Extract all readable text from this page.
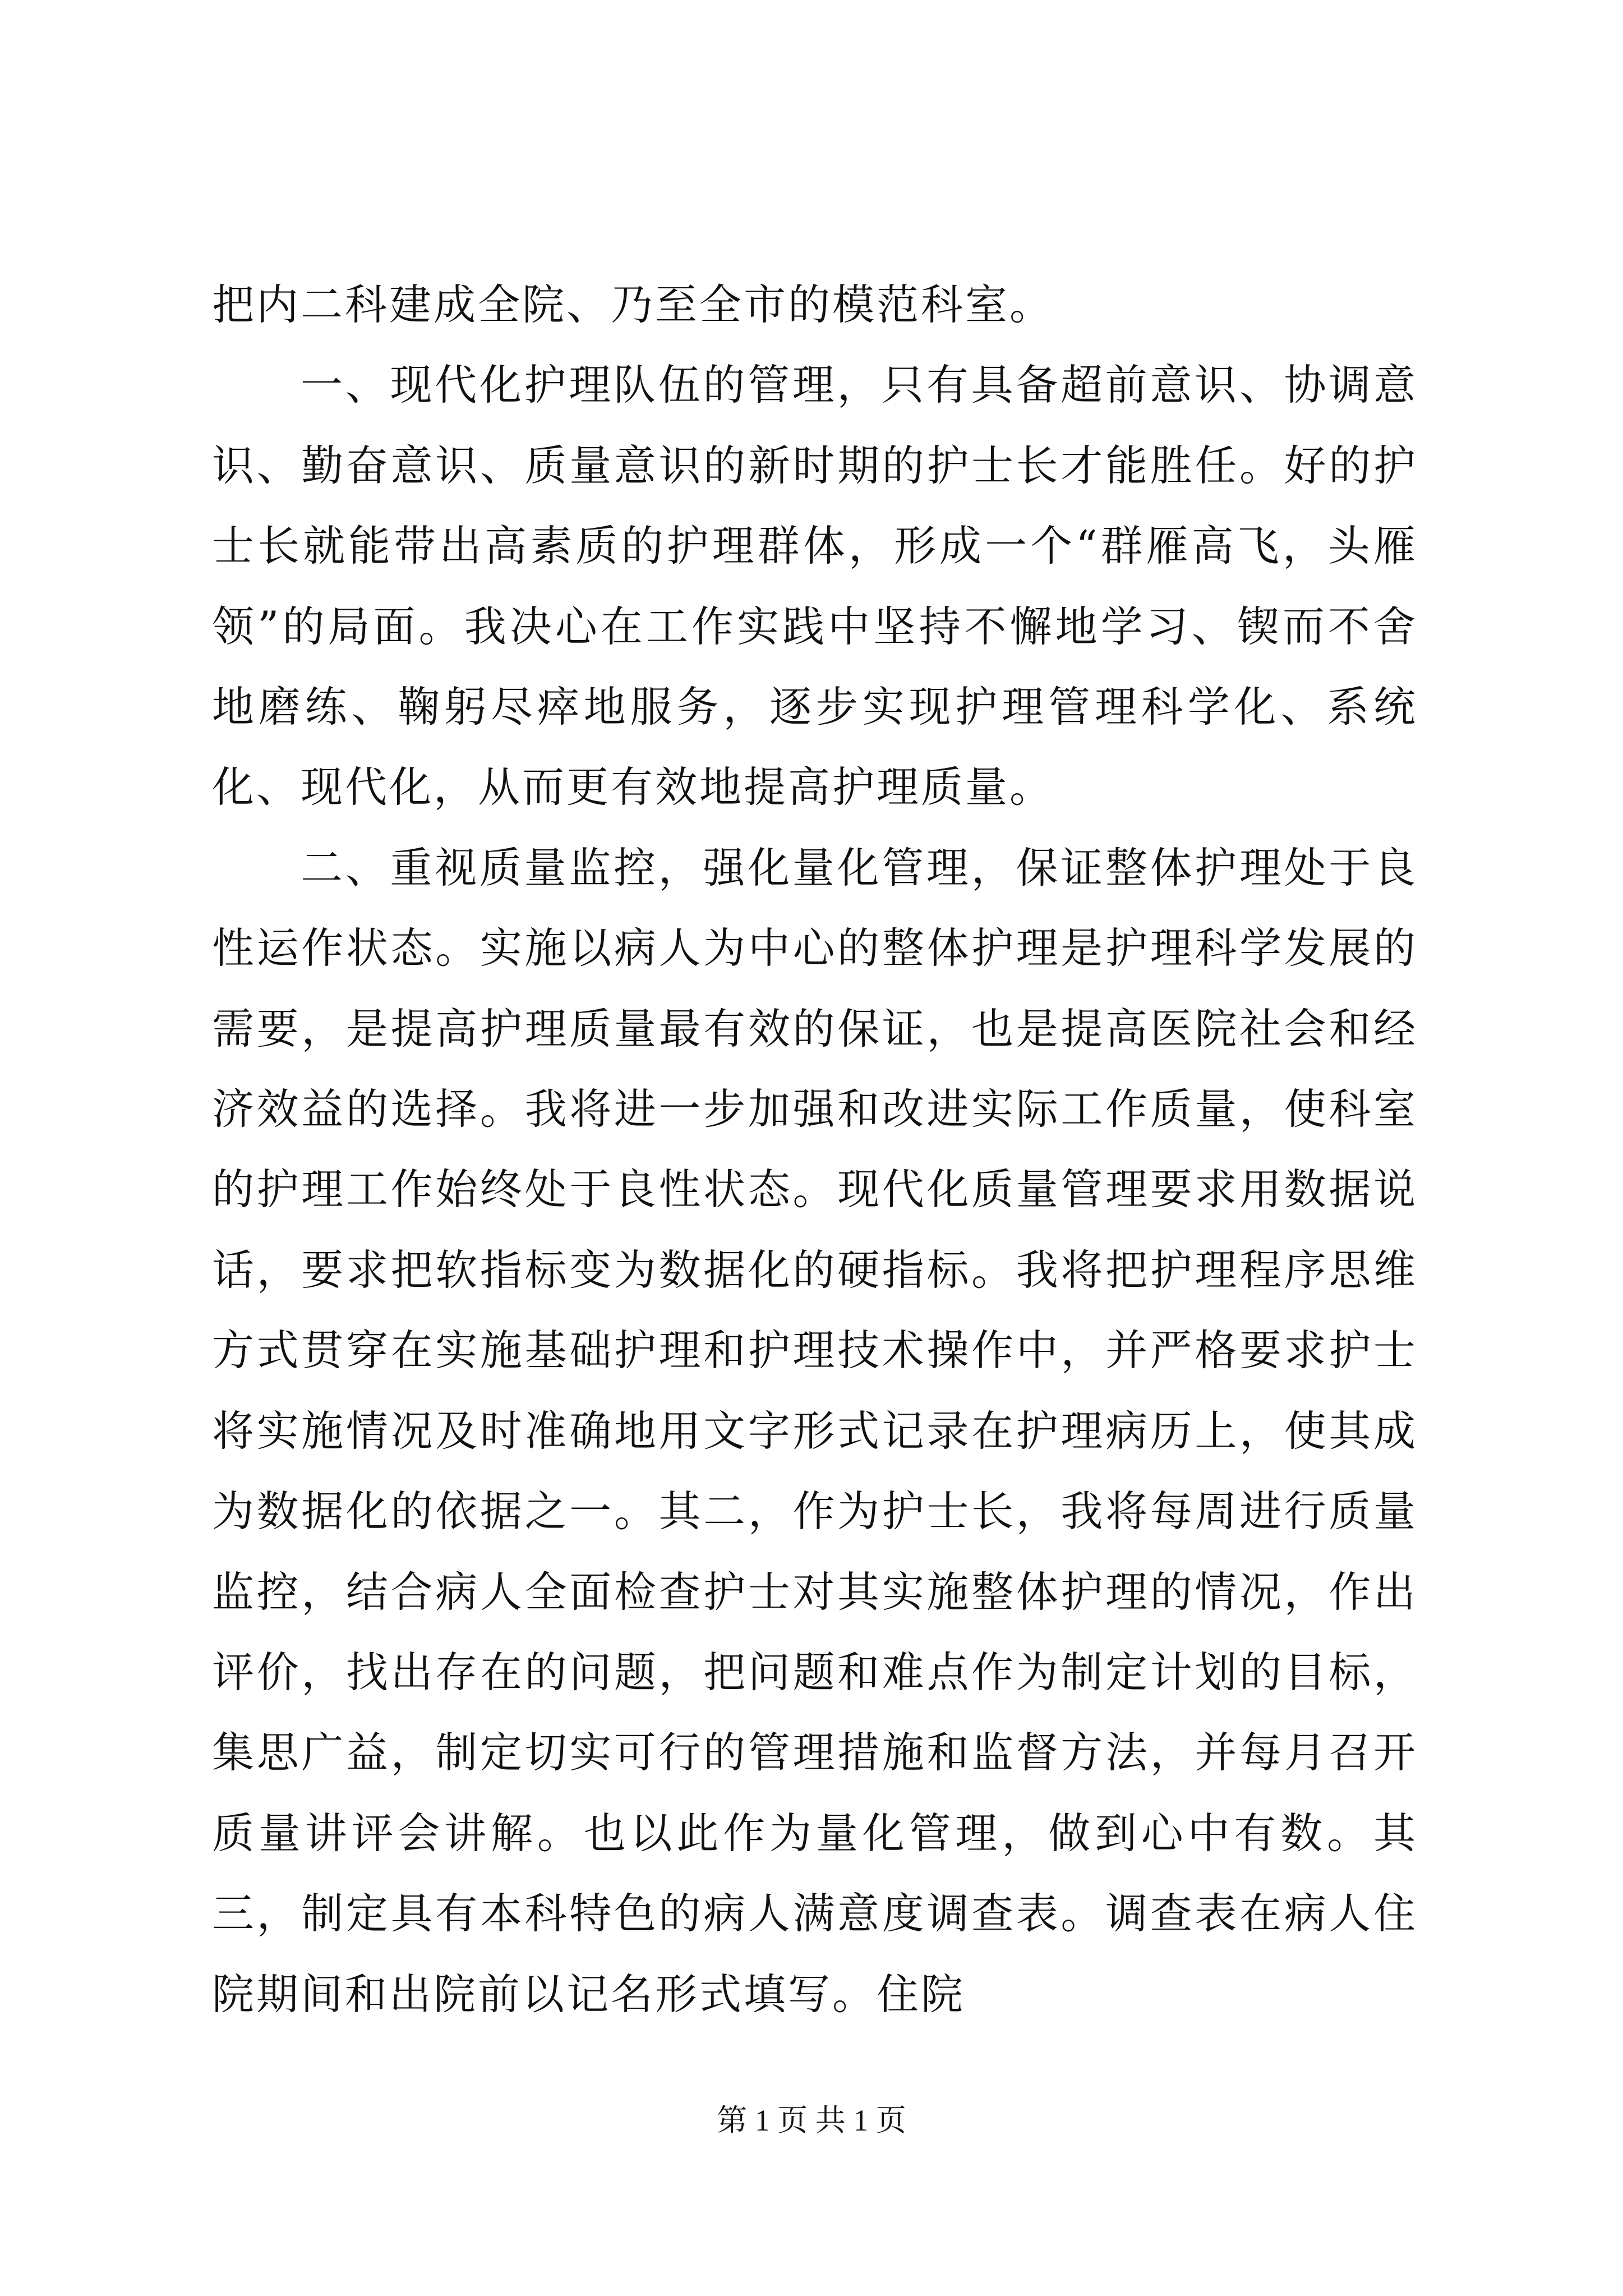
把内二科建成全院、乃至全市的模范科室。

一、现代化护理队伍的管理，只有具备超前意识、协调意识、勤奋意识、质量意识的新时期的护士长才能胜任。好的护士长就能带出高素质的护理群体，形成一个“群雁高飞，头雁领”的局面。我决心在工作实践中坚持不懈地学习、锲而不舍地磨练、鞠躬尽瘁地服务，逐步实现护理管理科学化、系统化、现代化，从而更有效地提高护理质量。

二、重视质量监控，强化量化管理，保证整体护理处于良性运作状态。实施以病人为中心的整体护理是护理科学发展的需要，是提高护理质量最有效的保证，也是提高医院社会和经济效益的选择。我将进一步加强和改进实际工作质量，使科室的护理工作始终处于良性状态。现代化质量管理要求用数据说话，要求把软指标变为数据化的硬指标。我将把护理程序思维方式贯穿在实施基础护理和护理技术操作中，并严格要求护士将实施情况及时准确地用文字形式记录在护理病历上，使其成为数据化的依据之一。其二，作为护士长，我将每周进行质量监控，结合病人全面检查护士对其实施整体护理的情况，作出评价，找出存在的问题，把问题和难点作为制定计划的目标，集思广益，制定切实可行的管理措施和监督方法，并每月召开质量讲评会讲解。也以此作为量化管理，做到心中有数。其三，制定具有本科特色的病人满意度调查表。调查表在病人住院期间和出院前以记名形式填写。住院

第 1 页 共 1 页
